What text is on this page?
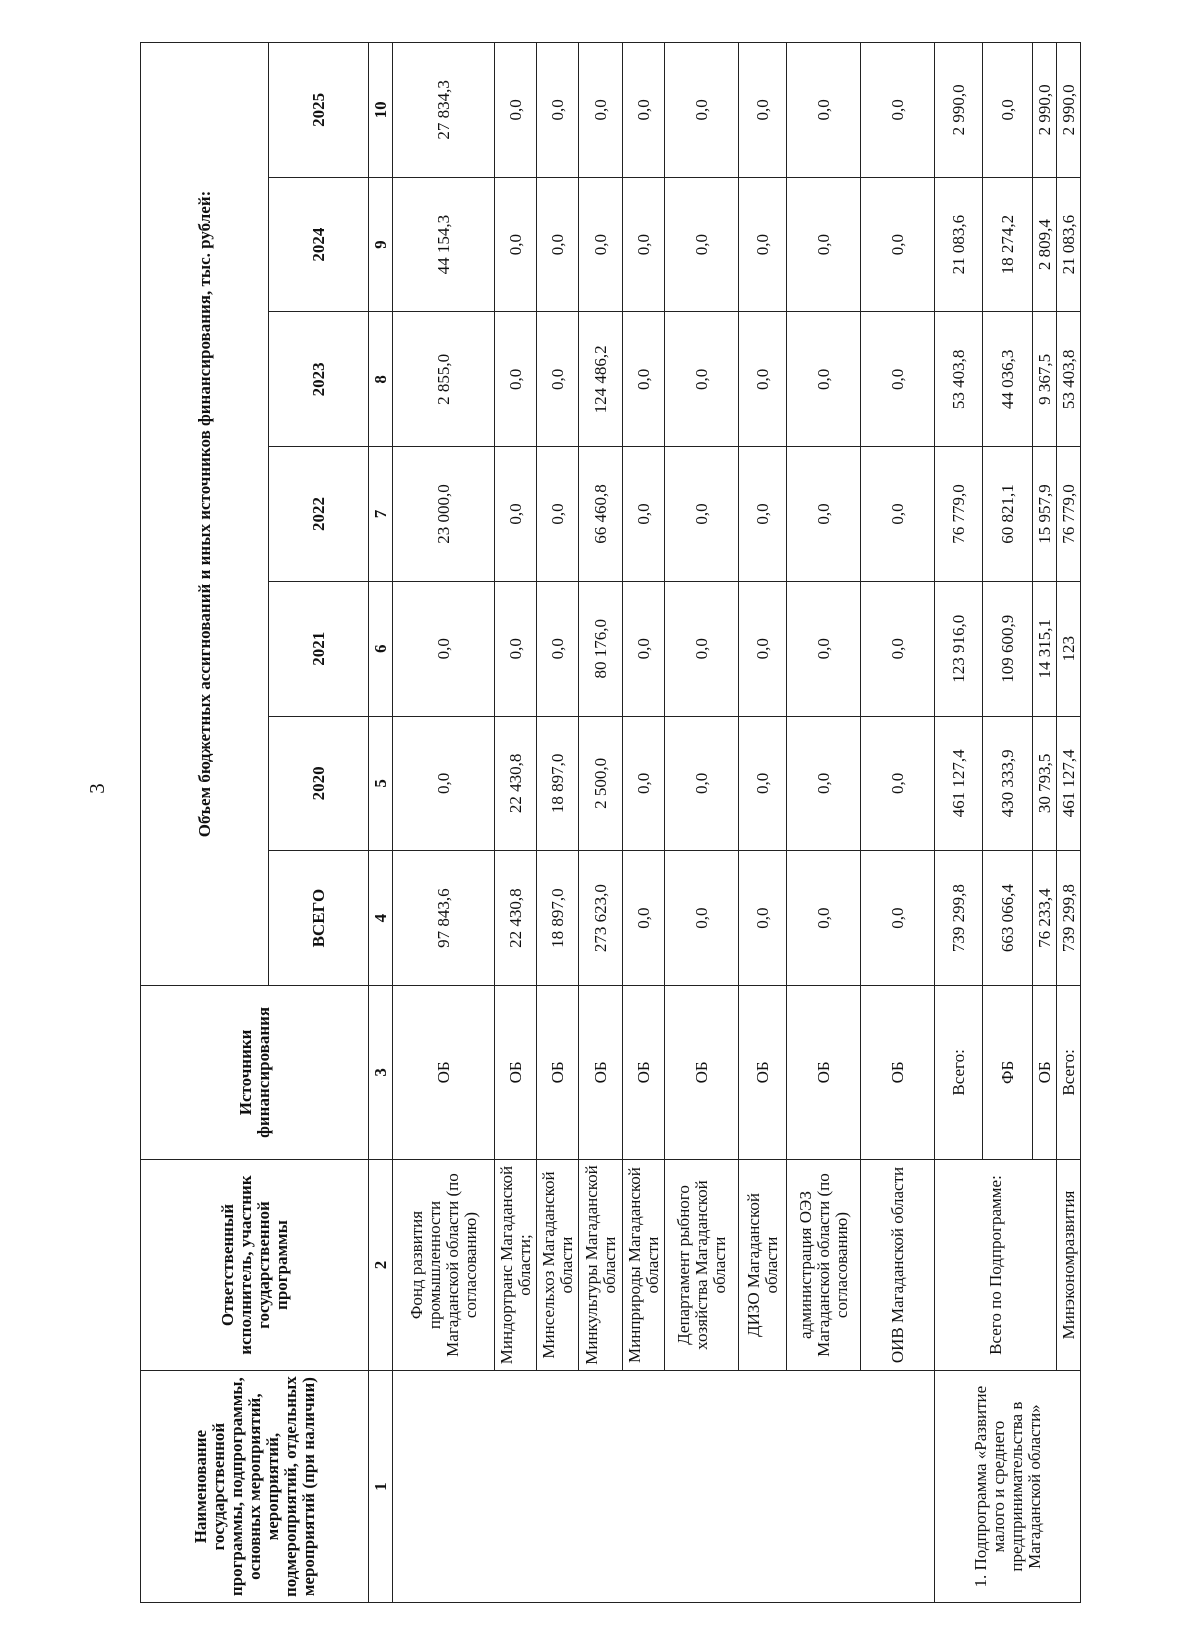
3
Наименование государственной программы, подпрограммы, основных мероприятий, мероприятий, подмероприятий, отдельных мероприятий (при наличии)	Ответственный исполнитель, участник государственной программы	Источники финансирования	Объем бюджетных ассигнований и иных источников финансирования, тыс. рублей:						
			ВСЕГО	2020	2021	2022	2023	2024	2025
1	2	3	4	5	6	7	8	9	10
	Фонд развития промышленности Магаданской области (по согласованию)	ОБ	97 843,6	0,0	0,0	23 000,0	2 855,0	44 154,3	27 834,3
	Миндортранс Магаданской области;	ОБ	22 430,8	22 430,8	0,0	0,0	0,0	0,0	0,0
	Минсельхоз Магаданской области	ОБ	18 897,0	18 897,0	0,0	0,0	0,0	0,0	0,0
	Минкультуры Магаданской области	ОБ	273 623,0	2 500,0	80 176,0	66 460,8	124 486,2	0,0	0,0
	Минприроды Магаданской области	ОБ	0,0	0,0	0,0	0,0	0,0	0,0	0,0
	Департамент рыбного хозяйства Магаданской области	ОБ	0,0	0,0	0,0	0,0	0,0	0,0	0,0
	ДИЗО Магаданской области	ОБ	0,0	0,0	0,0	0,0	0,0	0,0	0,0
	администрация ОЭЗ Магаданской области (по согласованию)	ОБ	0,0	0,0	0,0	0,0	0,0	0,0	0,0
	ОИВ Магаданской области	ОБ	0,0	0,0	0,0	0,0	0,0	0,0	0,0
1. Подпрограмма «Развитие малого и среднего предпринимательства в Магаданской области»	Всего по Подпрограмме:	Всего:	739 299,8	461 127,4	123 916,0	76 779,0	53 403,8	21 083,6	2 990,0
		ФБ	663 066,4	430 333,9	109 600,9	60 821,1	44 036,3	18 274,2	0,0
		ОБ	76 233,4	30 793,5	14 315,1	15 957,9	9 367,5	2 809,4	2 990,0
	Минэкономразвития	Всего:	739 299,8	461 127,4	123	76 779,0	53 403,8	21 083,6	2 990,0
